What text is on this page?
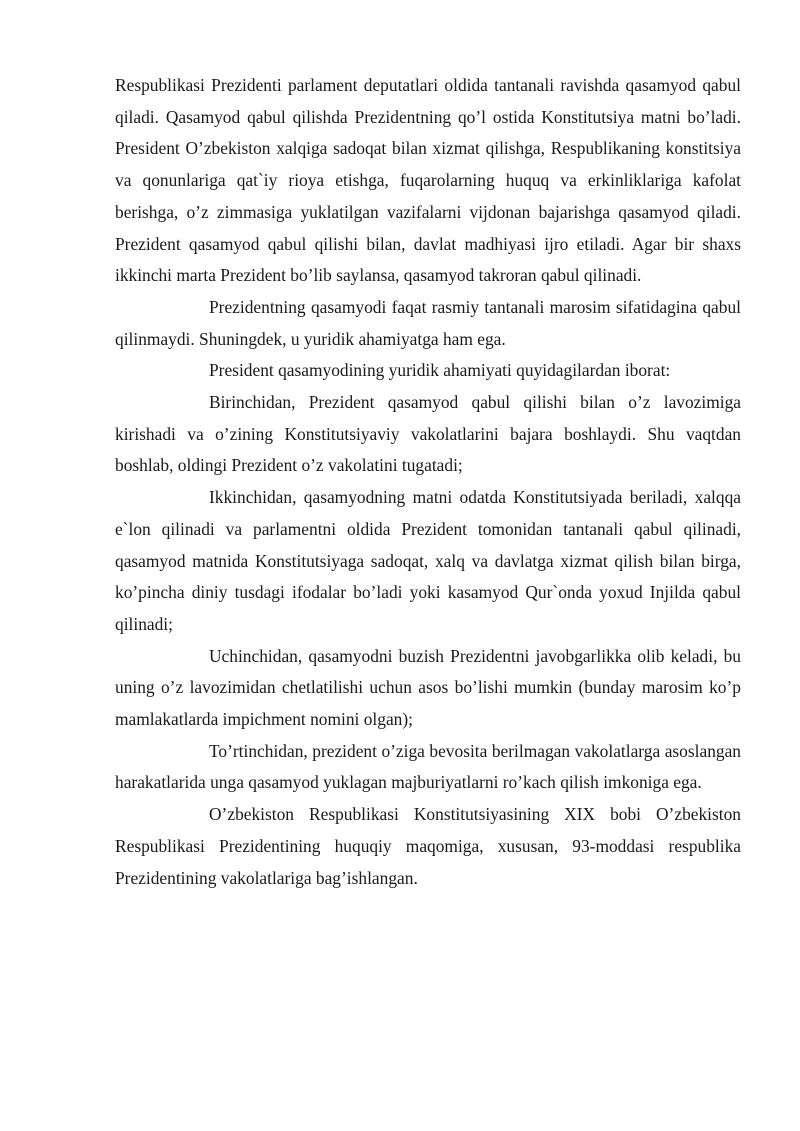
Respublikasi Prezidenti parlament deputatlari oldida tantanali ravishda qasamyod qabul qiladi. Qasamyod qabul qilishda Prezidentning qo’l ostida Konstitutsiya matni bo’ladi. President O’zbekiston xalqiga sadoqat bilan xizmat qilishga, Respublikaning konstitsiya va qonunlariga qat`iy rioya etishga, fuqarolarning huquq va erkinliklariga kafolat berishga, o’z zimmasiga yuklatilgan vazifalarni vijdonan bajarishga qasamyod qiladi. Prezident qasamyod qabul qilishi bilan, davlat madhiyasi ijro etiladi. Agar bir shaxs ikkinchi marta Prezident bo’lib saylansa, qasamyod takroran qabul qilinadi.

Prezidentning qasamyodi faqat rasmiy tantanali marosim sifatidagina qabul qilinmaydi. Shuningdek, u yuridik ahamiyatga ham ega.

President qasamyodining yuridik ahamiyati quyidagilardan iborat:

Birinchidan, Prezident qasamyod qabul qilishi bilan o’z lavozimiga kirishadi va o’zining Konstitutsiyaviy vakolatlarini bajara boshlaydi. Shu vaqtdan boshlab, oldingi Prezident o’z vakolatini tugatadi;

Ikkinchidan, qasamyodning matni odatda Konstitutsiyada beriladi, xalqqa e`lon qilinadi va parlamentni oldida Prezident tomonidan tantanali qabul qilinadi, qasamyod matnida Konstitutsiyaga sadoqat, xalq va davlatga xizmat qilish bilan birga, ko’pincha diniy tusdagi ifodalar bo’ladi yoki kasamyod Qur`onda yoxud Injilda qabul qilinadi;

Uchinchidan, qasamyodni buzish Prezidentni javobgarlikka olib keladi, bu uning o’z lavozimidan chetlatilishi uchun asos bo’lishi mumkin (bunday marosim ko’p mamlakatlarda impichment nomini olgan);

To’rtinchidan, prezident o’ziga bevosita berilmagan vakolatlarga asoslangan harakatlarida unga qasamyod yuklagan majburiyatlarni ro’kach qilish imkoniga ega.

O’zbekiston Respublikasi Konstitutsiyasining XIX bobi O’zbekiston Respublikasi Prezidentining huquqiy maqomiga, xususan, 93-moddasi respublika Prezidentining vakolatlariga bag’ishlangan.
